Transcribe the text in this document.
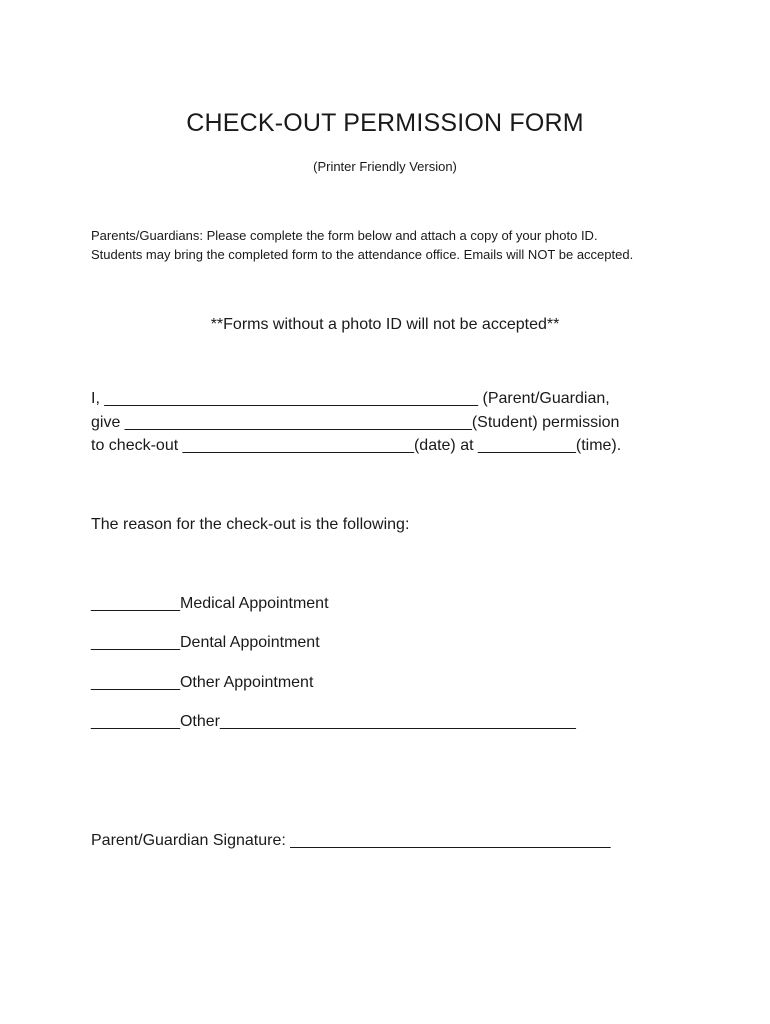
CHECK-OUT PERMISSION FORM
(Printer Friendly Version)
Parents/Guardians: Please complete the form below and attach a copy of your photo ID.
Students may bring the completed form to the attendance office. Emails will NOT be accepted.
**Forms without a photo ID will not be accepted**
I, __________________________________________ (Parent/Guardian,
give _______________________________________(Student) permission
to check-out __________________________(date) at ___________(time).
The reason for the check-out is the following:
__________Medical Appointment
__________Dental Appointment
__________Other Appointment
__________Other________________________________________
Parent/Guardian Signature: ____________________________________
